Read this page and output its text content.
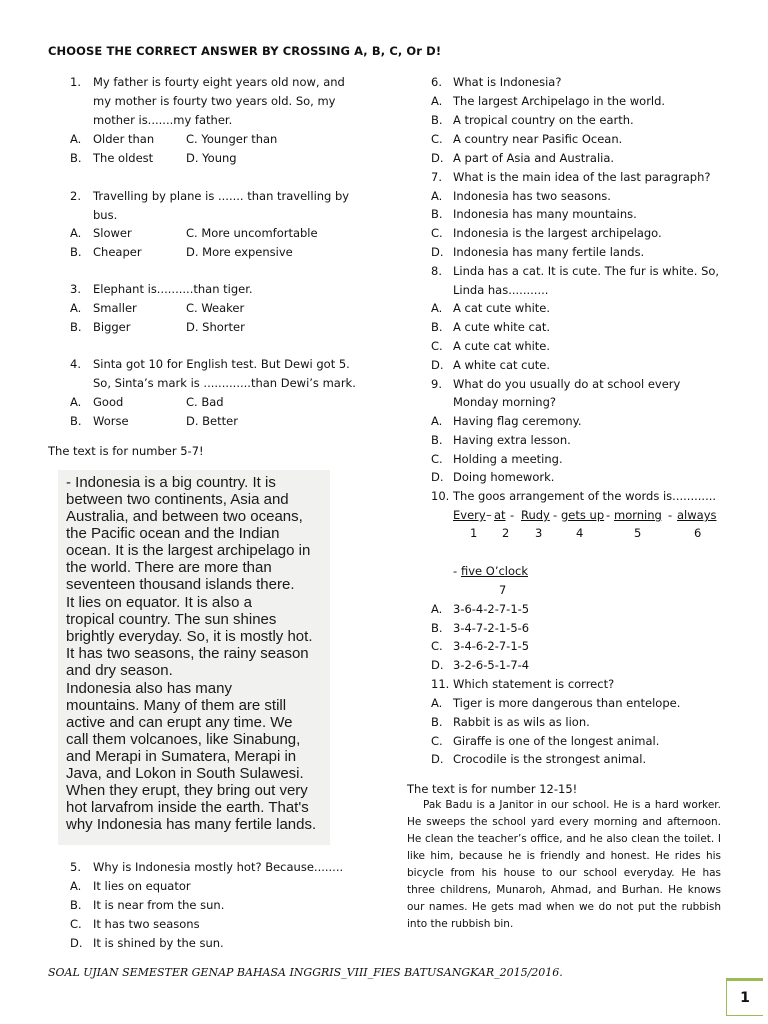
CHOOSE THE CORRECT ANSWER BY CROSSING A, B, C, Or D!
1. My father is fourty eight years old now, and
my mother is fourty two years old. So, my
mother is.......my father.
A. Older than	C. Younger than
B. The oldest	D. Young
2. Travelling by plane is ....... than travelling by
bus.
A. Slower	C. More uncomfortable
B. Cheaper	D. More expensive
3. Elephant is..........than tiger.
A. Smaller	C. Weaker
B. Bigger	D. Shorter
4. Sinta got 10 for English test. But Dewi got 5.
So, Sinta’s mark is .............than Dewi’s mark.
A. Good	C. Bad
B. Worse	D. Better
The text is for number 5-7!
- Indonesia is a big country. It is
between two continents, Asia and
Australia, and between two oceans,
the Pacific ocean and the Indian
ocean. It is the largest archipelago in
the world. There are more than
seventeen thousand islands there.
It lies on equator. It is also a
tropical country. The sun shines
brightly everyday. So, it is mostly hot.
It has two seasons, the rainy season
and dry season.
Indonesia also has many
mountains. Many of them are still
active and can erupt any time. We
call them volcanoes, like Sinabung,
and Merapi in Sumatera, Merapi in
Java, and Lokon in South Sulawesi.
When they erupt, they bring out very
hot larvafrom inside the earth. That's
why Indonesia has many fertile lands.
5. Why is Indonesia mostly hot? Because........
A. It lies on equator
B. It is near from the sun.
C. It has two seasons
D. It is shined by the sun.
6. What is Indonesia?
A. The largest Archipelago in the world.
B. A tropical country on the earth.
C. A country near Pasific Ocean.
D. A part of Asia and Australia.
7. What is the main idea of the last paragraph?
A. Indonesia has two seasons.
B. Indonesia has many mountains.
C. Indonesia is the largest archipelago.
D. Indonesia has many fertile lands.
8. Linda has a cat. It is cute. The fur is white. So,
Linda has...........
A. A cat cute white.
B. A cute white cat.
C. A cute cat white.
D. A white cat cute.
9. What do you usually do at school every
Monday morning?
A. Having flag ceremony.
B. Having extra lesson.
C. Holding a meeting.
D. Doing homework.
10. The goos arrangement of the words is............
Every – at - Rudy - gets up - morning - always
1 2 3	4	5	6
- five O’clock
7
A. 3-6-4-2-7-1-5
B. 3-4-7-2-1-5-6
C. 3-4-6-2-7-1-5
D. 3-2-6-5-1-7-4
11. Which statement is correct?
A. Tiger is more dangerous than entelope.
B. Rabbit is as wils as lion.
C. Giraffe is one of the longest animal.
D. Crocodile is the strongest animal.
The text is for number 12-15!
Pak Badu is a Janitor in our school. He is a hard worker. He sweeps the school yard every morning and afternoon. He clean the teacher’s office, and he also clean the toilet. I like him, because he is friendly and honest. He rides his bicycle from his house to our school everyday. He has three childrens, Munaroh, Ahmad, and Burhan. He knows our names. He gets mad when we do not put the rubbish into the rubbish bin.
SOAL UJIAN SEMESTER GENAP BAHASA INGGRIS_VIII_FIES BATUSANGKAR_2015/2016.
1
